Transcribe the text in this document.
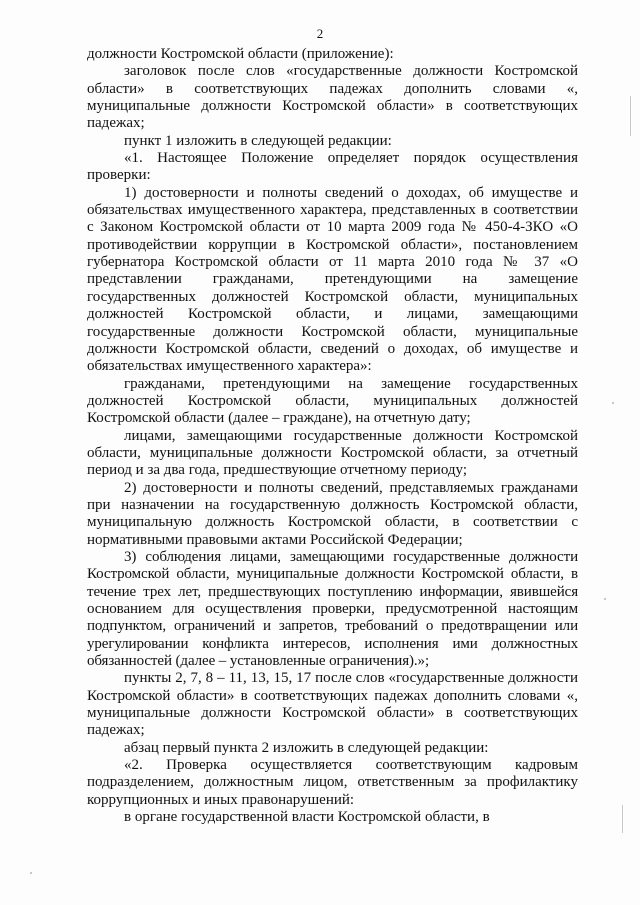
2

должности Костромской области (приложение):

заголовок после слов «государственные должности Костромской области» в соответствующих падежах дополнить словами «, муниципальные должности Костромской области» в соответствующих падежах;

пункт 1 изложить в следующей редакции:

«1. Настоящее Положение определяет порядок осуществления проверки:

1) достоверности и полноты сведений о доходах, об имуществе и обязательствах имущественного характера, представленных в соответствии с Законом Костромской области от 10 марта 2009 года № 450-4-ЗКО «О противодействии коррупции в Костромской области», постановлением губернатора Костромской области от 11 марта 2010 года № 37 «О представлении гражданами, претендующими на замещение государственных должностей Костромской области, муниципальных должностей Костромской области, и лицами, замещающими государственные должности Костромской области, муниципальные должности Костромской области, сведений о доходах, об имуществе и обязательствах имущественного характера»:

гражданами, претендующими на замещение государственных должностей Костромской области, муниципальных должностей Костромской области (далее – граждане), на отчетную дату;

лицами, замещающими государственные должности Костромской области, муниципальные должности Костромской области, за отчетный период и за два года, предшествующие отчетному периоду;

2) достоверности и полноты сведений, представляемых гражданами при назначении на государственную должность Костромской области, муниципальную должность Костромской области, в соответствии с нормативными правовыми актами Российской Федерации;

3) соблюдения лицами, замещающими государственные должности Костромской области, муниципальные должности Костромской области, в течение трех лет, предшествующих поступлению информации, явившейся основанием для осуществления проверки, предусмотренной настоящим подпунктом, ограничений и запретов, требований о предотвращении или урегулировании конфликта интересов, исполнения ими должностных обязанностей (далее – установленные ограничения).»;

пункты 2, 7, 8 – 11, 13, 15, 17 после слов «государственные должности Костромской области» в соответствующих падежах дополнить словами «, муниципальные должности Костромской области» в соответствующих падежах;

абзац первый пункта 2 изложить в следующей редакции:

«2. Проверка осуществляется соответствующим кадровым подразделением, должностным лицом, ответственным за профилактику коррупционных и иных правонарушений:

в органе государственной власти Костромской области, в
